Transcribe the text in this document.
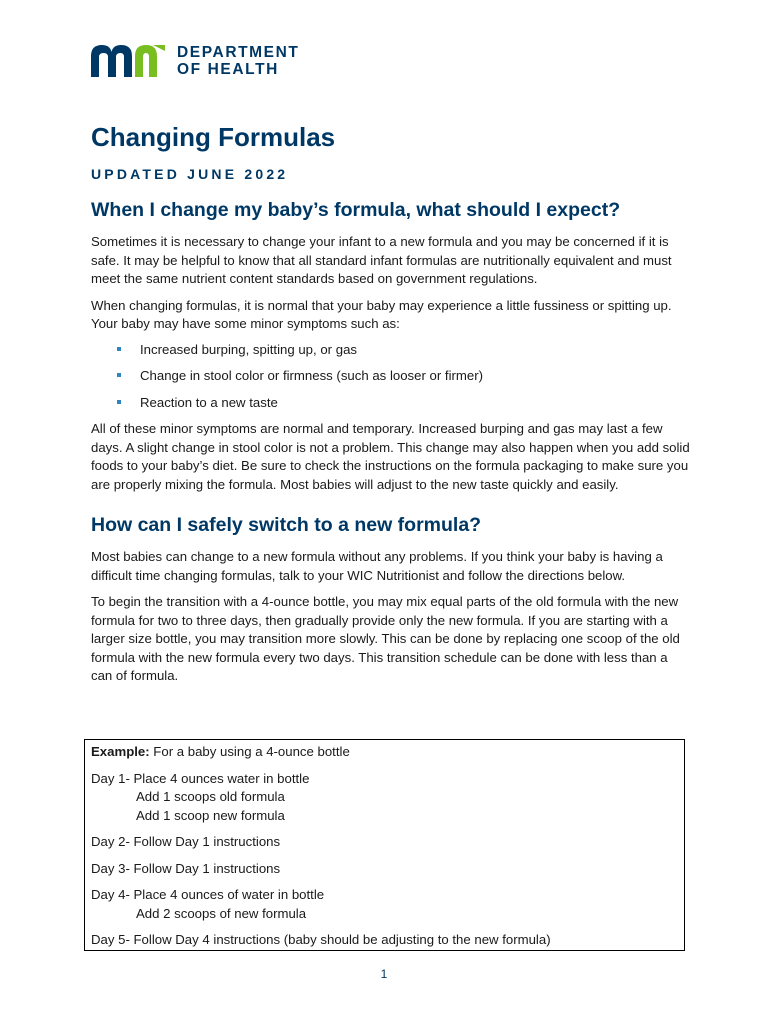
DEPARTMENT
OF HEALTH
Changing Formulas
UPDATED JUNE 2022
When I change my baby’s formula, what should I expect?

Sometimes it is necessary to change your infant to a new formula and you may be concerned if it is safe. It may be helpful to know that all standard infant formulas are nutritionally equivalent and must meet the same nutrient content standards based on government regulations.

When changing formulas, it is normal that your baby may experience a little fussiness or spitting up. Your baby may have some minor symptoms such as:

Increased burping, spitting up, or gas
Change in stool color or firmness (such as looser or firmer)
Reaction to a new taste

All of these minor symptoms are normal and temporary. Increased burping and gas may last a few days. A slight change in stool color is not a problem. This change may also happen when you add solid foods to your baby’s diet. Be sure to check the instructions on the formula packaging to make sure you are properly mixing the formula. Most babies will adjust to the new taste quickly and easily.

How can I safely switch to a new formula?

Most babies can change to a new formula without any problems. If you think your baby is having a difficult time changing formulas, talk to your WIC Nutritionist and follow the directions below.

To begin the transition with a 4-ounce bottle, you may mix equal parts of the old formula with the new formula for two to three days, then gradually provide only the new formula. If you are starting with a larger size bottle, you may transition more slowly. This can be done by replacing one scoop of the old formula with the new formula every two days. This transition schedule can be done with less than a can of formula.

Example: For a baby using a 4-ounce bottle
Day 1- Place 4 ounces water in bottle
Add 1 scoops old formula
Add 1 scoop new formula
Day 2- Follow Day 1 instructions
Day 3- Follow Day 1 instructions
Day 4- Place 4 ounces of water in bottle
Add 2 scoops of new formula
Day 5- Follow Day 4 instructions (baby should be adjusting to the new formula)
1
